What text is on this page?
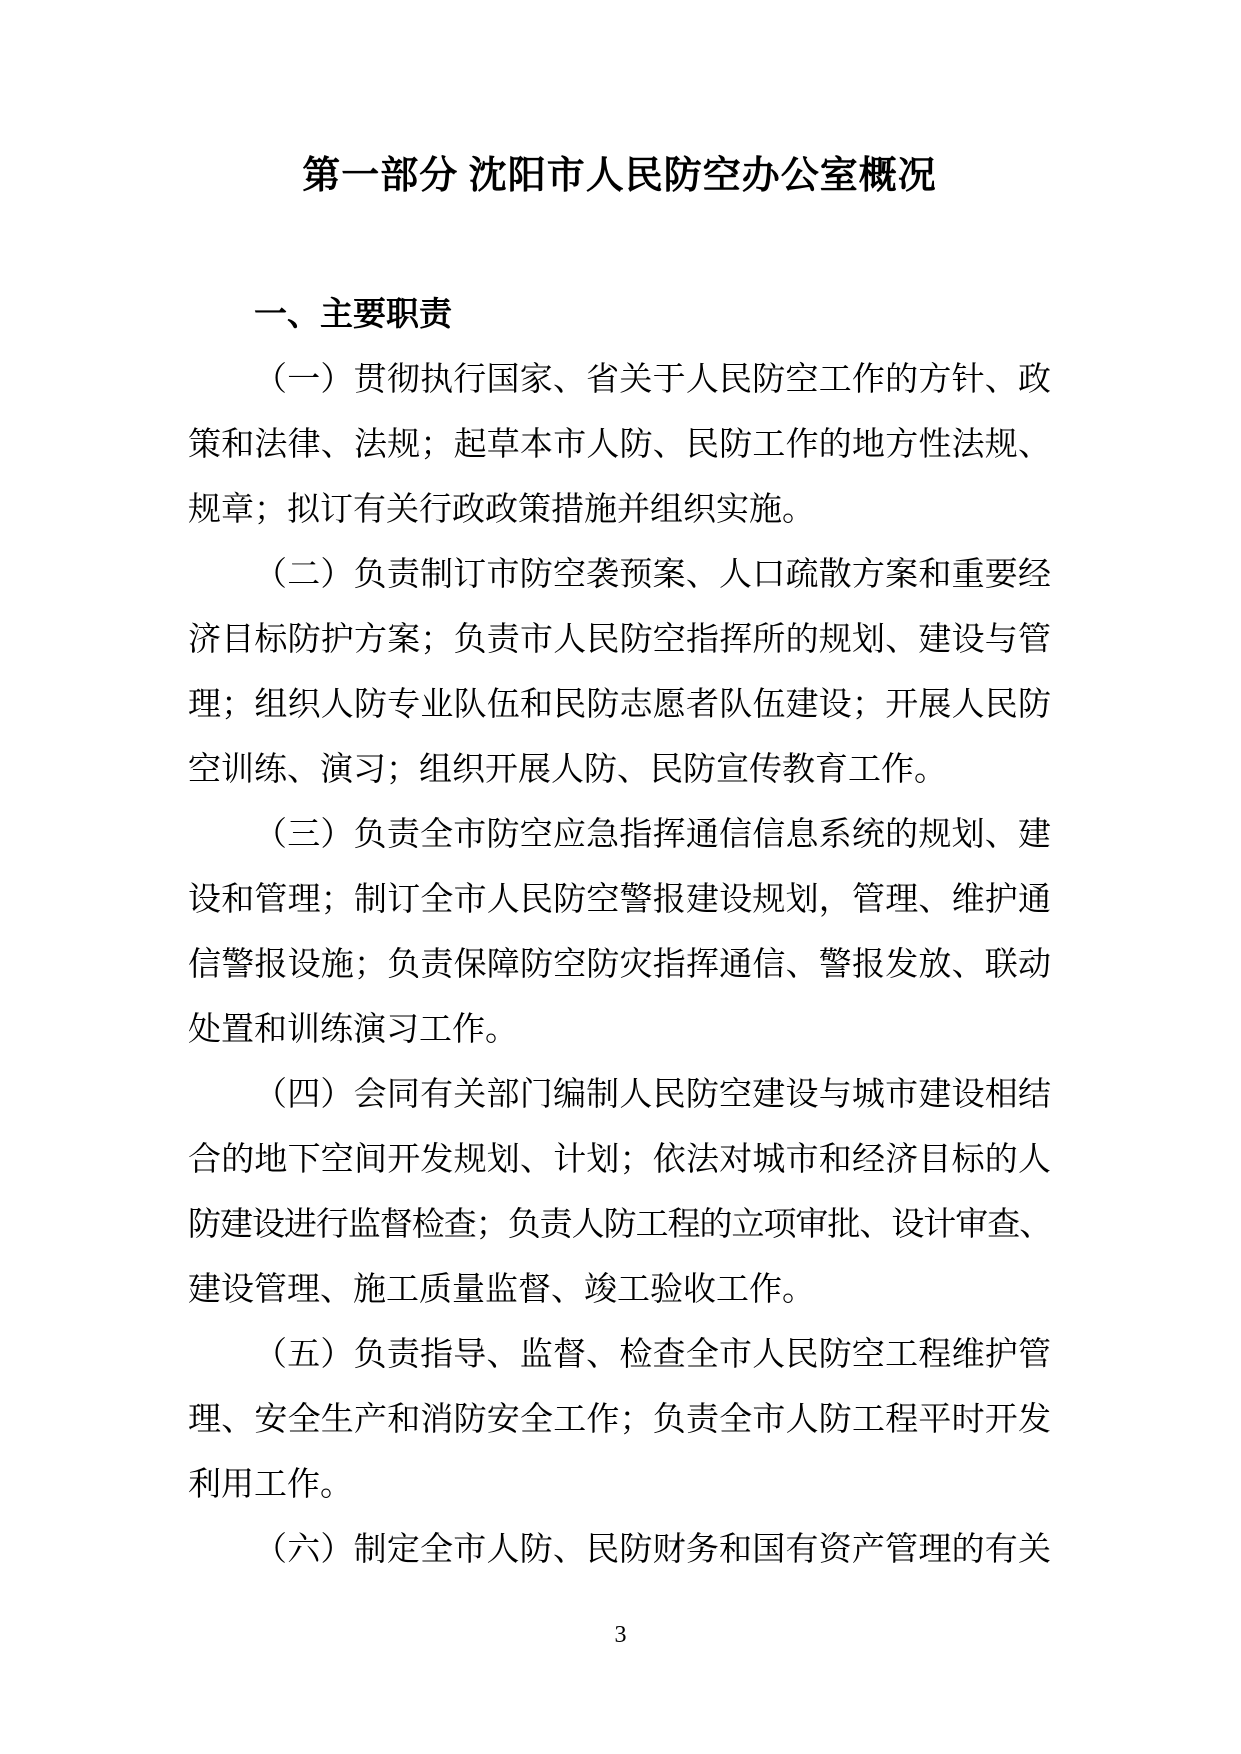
第一部分 沈阳市人民防空办公室概况
一、主要职责
（一）贯彻执行国家、省关于人民防空工作的方针、政
策和法律、法规；起草本市人防、民防工作的地方性法规、
规章；拟订有关行政政策措施并组织实施。
（二）负责制订市防空袭预案、人口疏散方案和重要经
济目标防护方案；负责市人民防空指挥所的规划、建设与管
理；组织人防专业队伍和民防志愿者队伍建设；开展人民防
空训练、演习；组织开展人防、民防宣传教育工作。
（三）负责全市防空应急指挥通信信息系统的规划、建
设和管理；制订全市人民防空警报建设规划，管理、维护通
信警报设施；负责保障防空防灾指挥通信、警报发放、联动
处置和训练演习工作。
（四）会同有关部门编制人民防空建设与城市建设相结
合的地下空间开发规划、计划；依法对城市和经济目标的人
防建设进行监督检查；负责人防工程的立项审批、设计审查、
建设管理、施工质量监督、竣工验收工作。
（五）负责指导、监督、检查全市人民防空工程维护管
理、安全生产和消防安全工作；负责全市人防工程平时开发
利用工作。
（六）制定全市人防、民防财务和国有资产管理的有关
3
